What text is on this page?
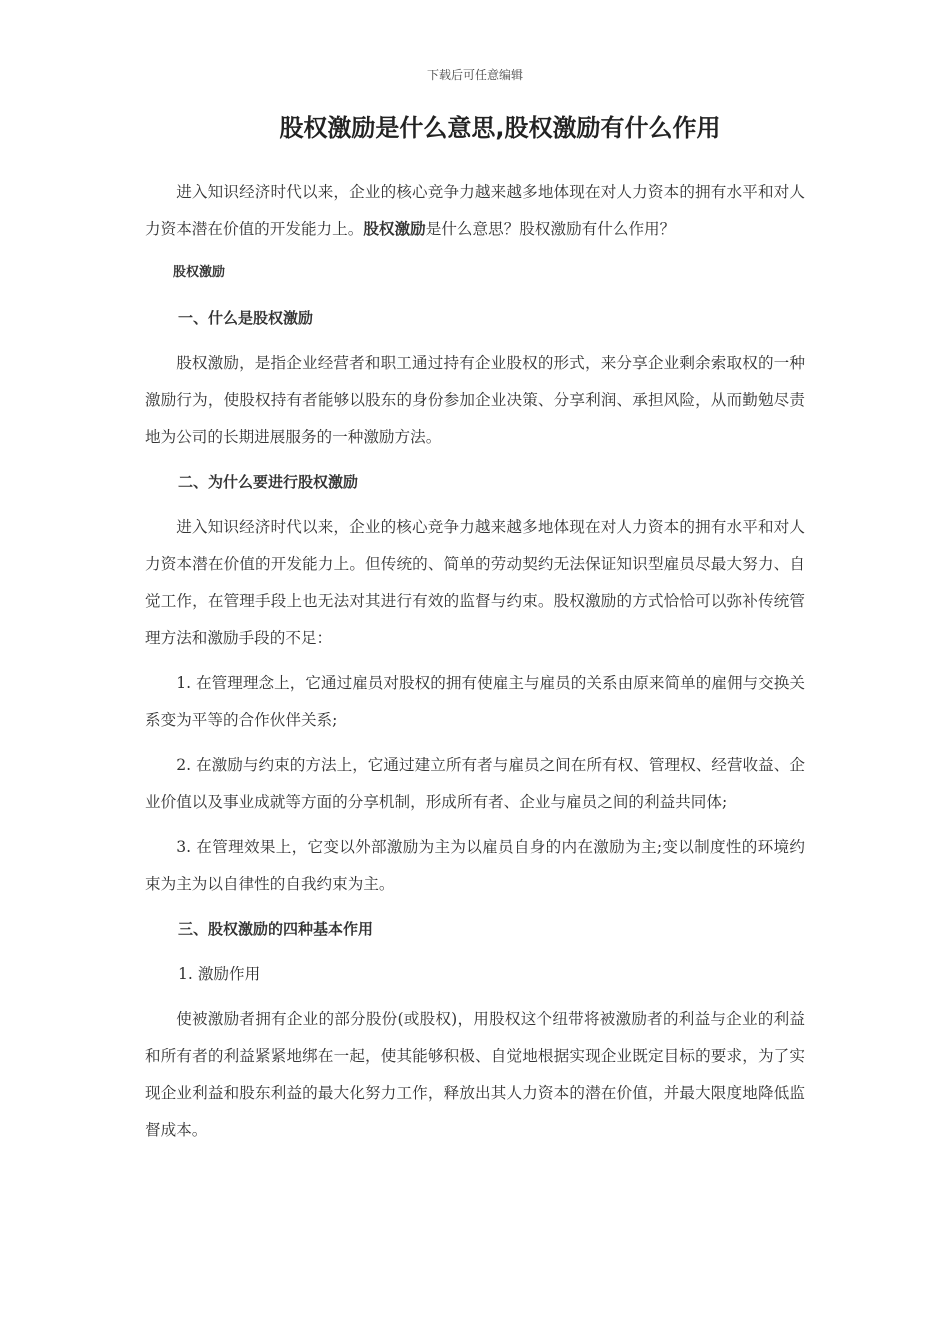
下载后可任意编辑
股权激励是什么意思,股权激励有什么作用

进入知识经济时代以来，企业的核心竞争力越来越多地体现在对人力资本的拥有水平和对人力资本潜在价值的开发能力上。股权激励是什么意思？股权激励有什么作用？

股权激励
一、什么是股权激励

股权激励，是指企业经营者和职工通过持有企业股权的形式，来分享企业剩余索取权的一种激励行为，使股权持有者能够以股东的身份参加企业决策、分享利润、承担风险，从而勤勉尽责地为公司的长期进展服务的一种激励方法。

二、为什么要进行股权激励

进入知识经济时代以来，企业的核心竞争力越来越多地体现在对人力资本的拥有水平和对人力资本潜在价值的开发能力上。但传统的、简单的劳动契约无法保证知识型雇员尽最大努力、自觉工作，在管理手段上也无法对其进行有效的监督与约束。股权激励的方式恰恰可以弥补传统管理方法和激励手段的不足：

1. 在管理理念上，它通过雇员对股权的拥有使雇主与雇员的关系由原来简单的雇佣与交换关系变为平等的合作伙伴关系;

2. 在激励与约束的方法上，它通过建立所有者与雇员之间在所有权、管理权、经营收益、企业价值以及事业成就等方面的分享机制，形成所有者、企业与雇员之间的利益共同体;

3. 在管理效果上，它变以外部激励为主为以雇员自身的内在激励为主;变以制度性的环境约束为主为以自律性的自我约束为主。

三、股权激励的四种基本作用
1. 激励作用

使被激励者拥有企业的部分股份(或股权)，用股权这个纽带将被激励者的利益与企业的利益和所有者的利益紧紧地绑在一起，使其能够积极、自觉地根据实现企业既定目标的要求，为了实现企业利益和股东利益的最大化努力工作，释放出其人力资本的潜在价值，并最大限度地降低监督成本。
